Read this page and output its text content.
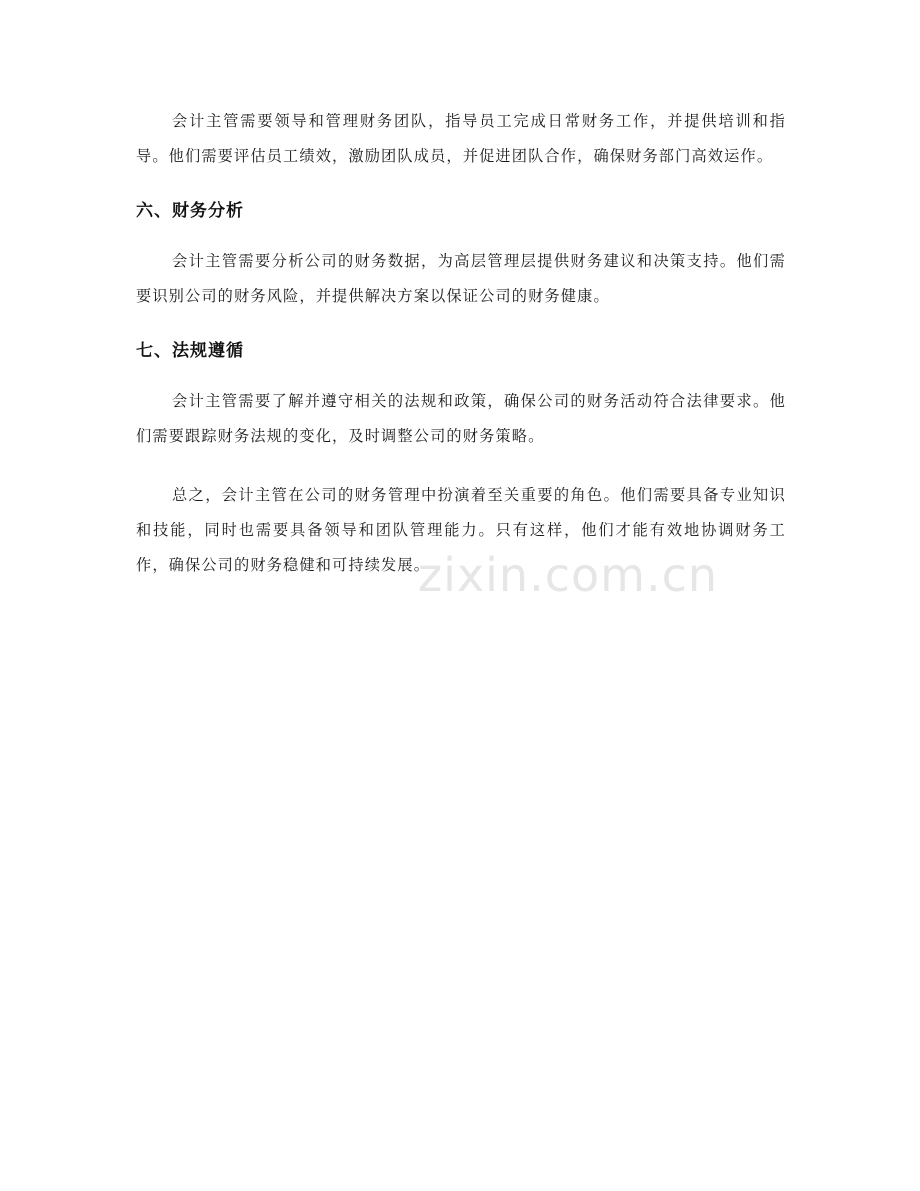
zixin.com.cn

会计主管需要领导和管理财务团队，指导员工完成日常财务工作，并提供培训和指导。他们需要评估员工绩效，激励团队成员，并促进团队合作，确保财务部门高效运作。

六、财务分析

会计主管需要分析公司的财务数据，为高层管理层提供财务建议和决策支持。他们需要识别公司的财务风险，并提供解决方案以保证公司的财务健康。

七、法规遵循

会计主管需要了解并遵守相关的法规和政策，确保公司的财务活动符合法律要求。他们需要跟踪财务法规的变化，及时调整公司的财务策略。

总之，会计主管在公司的财务管理中扮演着至关重要的角色。他们需要具备专业知识和技能，同时也需要具备领导和团队管理能力。只有这样，他们才能有效地协调财务工作，确保公司的财务稳健和可持续发展。
